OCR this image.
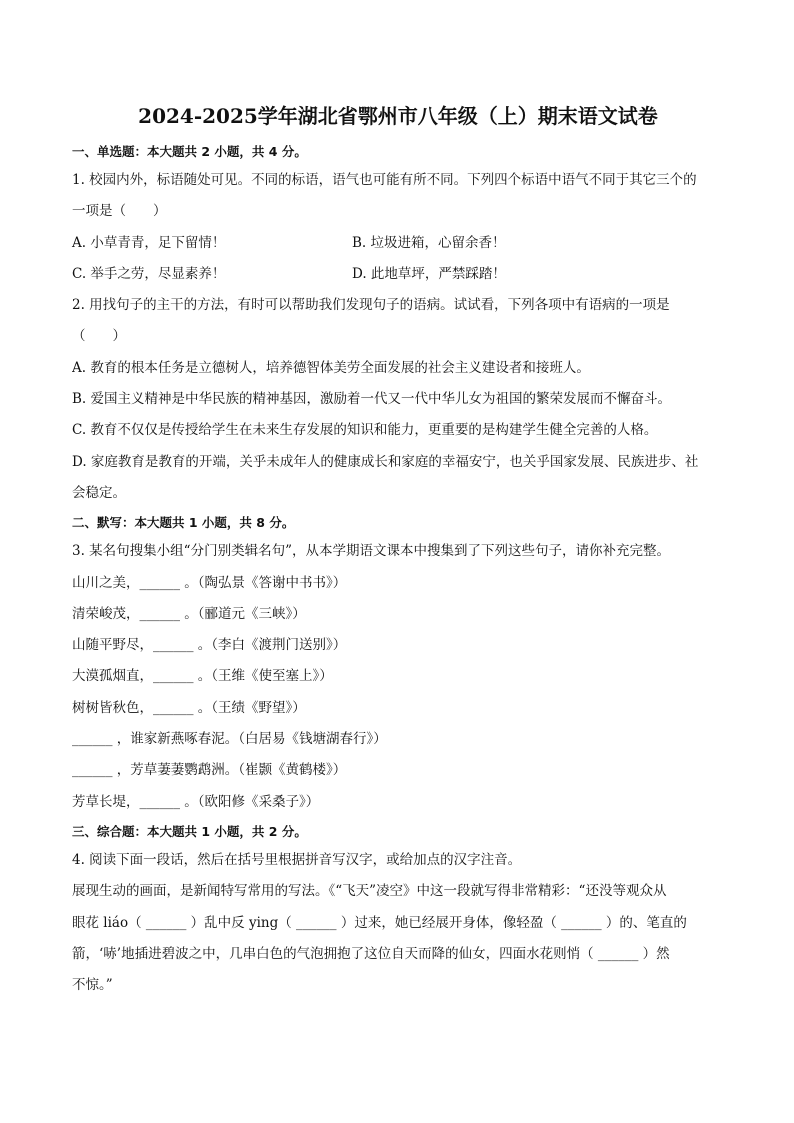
2024-2025学年湖北省鄂州市八年级（上）期末语文试卷
一、单选题：本大题共 2 小题，共 4 分。
1. 校园内外，标语随处可见。不同的标语，语气也可能有所不同。下列四个标语中语气不同于其它三个的
一项是（　　）
A. 小草青青，足下留情！	B. 垃圾进箱，心留余香！
C. 举手之劳，尽显素养！	D. 此地草坪，严禁踩踏！
2. 用找句子的主干的方法，有时可以帮助我们发现句子的语病。试试看，下列各项中有语病的一项是
（　　）
A. 教育的根本任务是立德树人，培养德智体美劳全面发展的社会主义建设者和接班人。
B. 爱国主义精神是中华民族的精神基因，激励着一代又一代中华儿女为祖国的繁荣发展而不懈奋斗。
C. 教育不仅仅是传授给学生在未来生存发展的知识和能力，更重要的是构建学生健全完善的人格。
D. 家庭教育是教育的开端，关乎未成年人的健康成长和家庭的幸福安宁，也关乎国家发展、民族进步、社
会稳定。
二、默写：本大题共 1 小题，共 8 分。
3. 某名句搜集小组“分门别类辑名句”，从本学期语文课本中搜集到了下列这些句子，请你补充完整。
山川之美，______ 。（陶弘景《答谢中书书》）
清荣峻茂，______ 。（郦道元《三峡》）
山随平野尽，______ 。（李白《渡荆门送别》）
大漠孤烟直，______ 。（王维《使至塞上》）
树树皆秋色，______ 。（王绩《野望》）
______ ，谁家新燕啄春泥。（白居易《钱塘湖春行》）
______ ，芳草萋萋鹦鹉洲。（崔颢《黄鹤楼》）
芳草长堤，______ 。（欧阳修《采桑子》）
三、综合题：本大题共 1 小题，共 2 分。
4. 阅读下面一段话，然后在括号里根据拼音写汉字，或给加点的汉字注音。
展现生动的画面，是新闻特写常用的写法。《“飞天”凌空》中这一段就写得非常精彩：“还没等观众从
眼花 liáo（ ______ ）乱中反 ying（ ______ ）过来，她已经展开身体，像轻盈（ ______ ）的、笔直的
箭，‘哧’地插进碧波之中，几串白色的气泡拥抱了这位自天而降的仙女，四面水花则悄（ ______ ）然
不惊。”
